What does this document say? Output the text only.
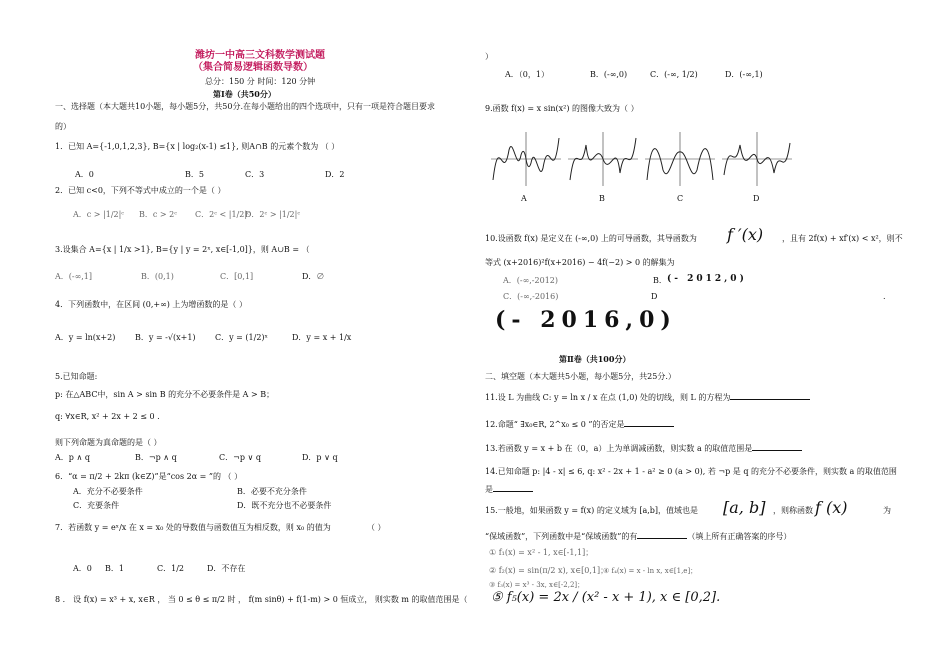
潍坊一中高三文科数学测试题
（集合简易逻辑函数导数）
总分：150 分 时间：120 分钟
第Ⅰ卷（共50分）
一、选择题（本大题共10小题，每小题5分，共50分.在每小题给出的四个选项中，只有一项是符合题目要求
的）
1．已知 A={-1,0,1,2,3}, B={x | log₂(x-1) ≤1}, 则A∩B 的元素个数为 （ ）
A．0	B．5	C．3	D．2
2．已知 c<0，下列不等式中成立的一个是（ ）
A．c > |1/2|ᶜ B．c > 2ᶜ C．2ᶜ < |1/2|ᶜ
D．2ᶜ > |1/2|ᶜ
3.设集合 A={x | 1/x >1}, B={y | y = 2ˣ, x∈[-1,0]}，则 A∪B = （
A．(-∞,1]	B．(0,1)	C．[0,1]	D．∅
4．下列函数中，在区间 (0,+∞) 上为增函数的是（ ）
A．y = ln(x+2) B．y = -√(x+1) C．y = (1/2)ˣ	D．y = x + 1/x
5.已知命题:
p: 在△ABC中，sin A > sin B 的充分不必要条件是 A > B；
q: ∀x∈R, x² + 2x + 2 ≤ 0 .
则下列命题为真命题的是（ ）
A．p ∧ q	B．¬p ∧ q	C．¬p ∨ q	D．p ∨ q
6．“α = π/2 + 2kπ (k∈Z)”是“cos 2α = ”的 （ ）
A．充分不必要条件	B．必要不充分条件
C．充要条件	D．既不充分也不必要条件
7．若函数 y = eˣ/x 在 x = x₀ 处的导数值与函数值互为相反数，则 x₀ 的值为	（ ）
A．0 B．1	C．1/2	D．不存在
8 ． 设 f(x) = x³ + x, x∈R ， 当 0 ≤ θ ≤ π/2 时 ， f(m sinθ) + f(1-m) > 0 恒成立， 则实数 m 的取值范围是（
）
A．（0，1）	B．(-∞,0)	C．(-∞, 1/2)	D．(-∞,1)
9.函数 f(x) = x sin(x²) 的图像大致为（ ）
A	B	C	D
10.设函数 f(x) 是定义在 (-∞,0) 上的可导函数，其导函数为 f ′(x) ，且有 2f(x) + xf′(x) < x²，则不
等式 (x+2016)²f(x+2016) − 4f(−2) > 0 的解集为
A．(-∞,-2012)	B． (- 2012,0)
C．(-∞,-2016)	D	.
(- 2016,0)
第Ⅱ卷（共100分）
二、填空题（本大题共5小题，每小题5分，共25分.）
11.设 L 为曲线 C: y = ln x / x 在点 (1,0) 处的切线，则 L 的方程为
12.命题“ ∃x₀∈R, 2^x₀ ≤ 0 ”的否定是
13.若函数 y = x + b 在（0，a）上为单调减函数，则实数 a 的取值范围是
14.已知命题 p: |4 - x| ≤ 6, q: x² - 2x + 1 - a² ≥ 0 (a > 0), 若 ¬p 是 q 的充分不必要条件，则实数 a 的取值范围
是
15.一般地，如果函数 y = f(x) 的定义域为 [a,b]，值域也是 [a, b] ，则称函数 f (x)	为
“保域函数”，下列函数中是“保域函数”的有	（填上所有正确答案的序号）
① f₁(x) = x² - 1, x∈[-1,1]；
② f₂(x) = sin(π/2 x), x∈[0,1]；
③ f₃(x) = x³ - 3x, x∈[-2,2]；
④ f₄(x) = x - ln x, x∈[1,e]；
⑤ f₅(x) = 2x / (x² - x + 1), x ∈ [0,2].
